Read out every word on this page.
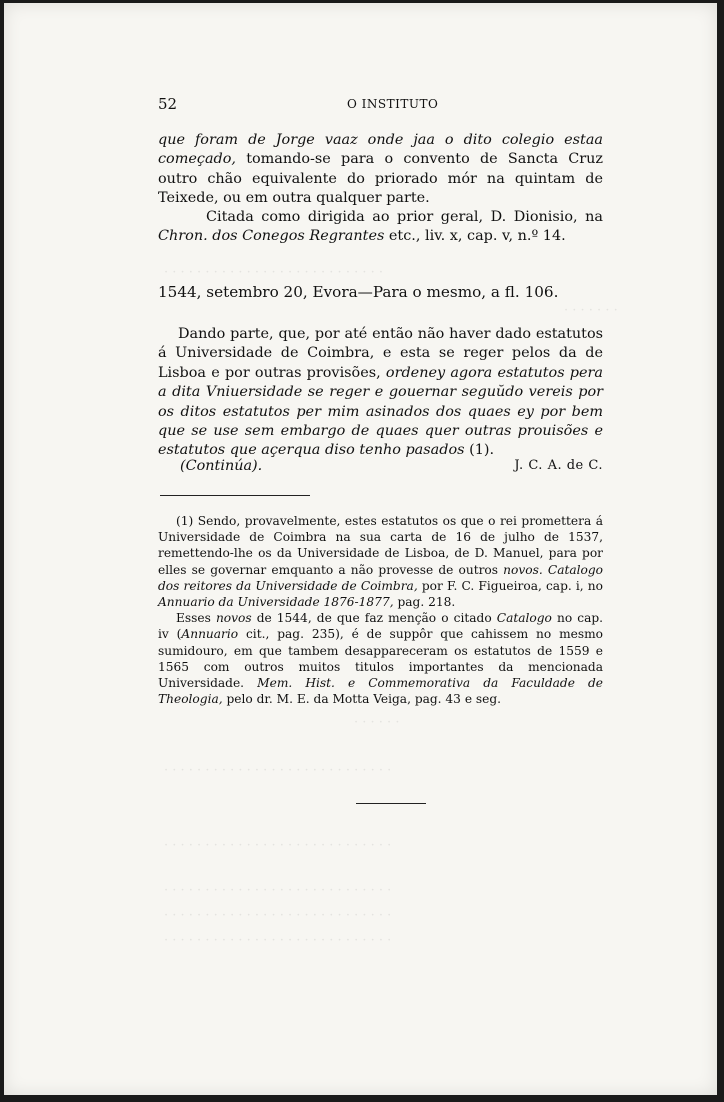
· · · · · · · · · · · · · · · · · · · · · · · · · · ·
· · · · · · ·
· · · · · ·
· · · · · · · · · · · · · · · · · · · · · · · · · · · ·
· · · · · · · · · · · · · · · · · · · · · · · · · · · ·
· · · · · · · · · · · · · · · · · · · · · · · · · · · ·
· · · · · · · · · · · · · · · · · · · · · · · · · · · ·
· · · · · · · · · · · · · · · · · · · · · · · · · · · ·
52	O INSTITUTO
que foram de Jorge vaaz onde jaa o dito colegio estaa começado, tomando-se para o convento de Sancta Cruz outro chão equivalente do priorado mór na quintam de Teixede, ou em outra qualquer parte.
Citada como dirigida ao prior geral, D. Dionisio, na Chron. dos Conegos Regrantes etc., liv. x, cap. v, n.º 14.
1544, setembro 20, Evora—Para o mesmo, a fl. 106.
Dando parte, que, por até então não haver dado estatutos á Universidade de Coimbra, e esta se reger pelos da de Lisboa e por outras provisões, ordeney agora estatutos pera a dita Vniuersidade se reger e gouernar seguŭdo vereis por os ditos estatutos per mim asinados dos quaes ey por bem que se use sem embargo de quaes quer outras prouisões e estatutos que açerqua diso tenho pasados (1).
(Continúa).	J. C. A. de C.

(1) Sendo, provavelmente, estes estatutos os que o rei promettera á Universidade de Coimbra na sua carta de 16 de julho de 1537, remettendo-lhe os da Universidade de Lisboa, de D. Manuel, para por elles se governar emquanto a não provesse de outros novos. Catalogo dos reitores da Universidade de Coimbra, por F. C. Figueiroa, cap. i, no Annuario da Universidade 1876-1877, pag. 218.

Esses novos de 1544, de que faz menção o citado Catalogo no cap. iv (Annuario cit., pag. 235), é de suppôr que cahissem no mesmo sumidouro, em que tambem desappareceram os estatutos de 1559 e 1565 com outros muitos titulos importantes da mencionada Universidade. Mem. Hist. e Commemorativa da Faculdade de Theologia, pelo dr. M. E. da Motta Veiga, pag. 43 e seg.
